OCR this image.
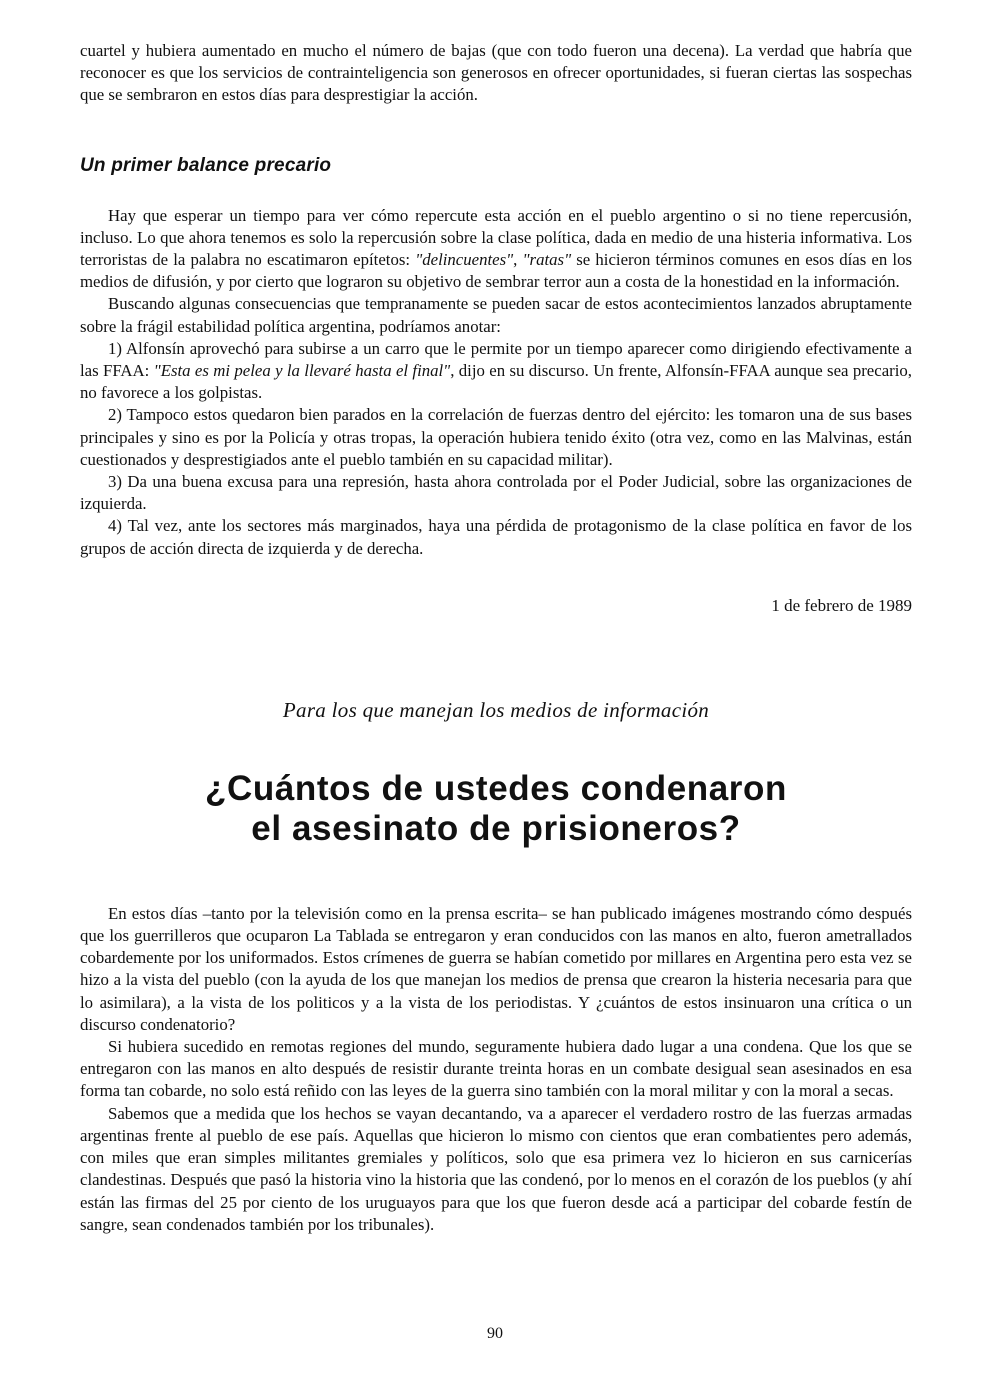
cuartel y hubiera aumentado en mucho el número de bajas (que con todo fueron una decena). La verdad que habría que reconocer es que los servicios de contrainteligencia son generosos en ofrecer oportunidades, si fueran ciertas las sospechas que se sembraron en estos días para desprestigiar la acción.

Un primer balance precario

Hay que esperar un tiempo para ver cómo repercute esta acción en el pueblo argentino o si no tiene repercusión, incluso. Lo que ahora tenemos es solo la repercusión sobre la clase política, dada en medio de una histeria informativa. Los terroristas de la palabra no escatimaron epítetos: "delincuentes", "ratas" se hicieron términos comunes en esos días en los medios de difusión, y por cierto que lograron su objetivo de sembrar terror aun a costa de la honestidad en la información.

Buscando algunas consecuencias que tempranamente se pueden sacar de estos acontecimientos lanzados abruptamente sobre la frágil estabilidad política argentina, podríamos anotar:

1) Alfonsín aprovechó para subirse a un carro que le permite por un tiempo aparecer como dirigiendo efectivamente a las FFAA: "Esta es mi pelea y la llevaré hasta el final", dijo en su discurso. Un frente, Alfonsín-FFAA aunque sea precario, no favorece a los golpistas.

2) Tampoco estos quedaron bien parados en la correlación de fuerzas dentro del ejército: les tomaron una de sus bases principales y sino es por la Policía y otras tropas, la operación hubiera tenido éxito (otra vez, como en las Malvinas, están cuestionados y desprestigiados ante el pueblo también en su capacidad militar).

3) Da una buena excusa para una represión, hasta ahora controlada por el Poder Judicial, sobre las organizaciones de izquierda.

4) Tal vez, ante los sectores más marginados, haya una pérdida de protagonismo de la clase política en favor de los grupos de acción directa de izquierda y de derecha.

1 de febrero de 1989
Para los que manejan los medios de información
¿Cuántos de ustedes condenaron
el asesinato de prisioneros?

En estos días –tanto por la televisión como en la prensa escrita– se han publicado imágenes mostrando cómo después que los guerrilleros que ocuparon La Tablada se entregaron y eran conducidos con las manos en alto, fueron ametrallados cobardemente por los uniformados. Estos crímenes de guerra se habían cometido por millares en Argentina pero esta vez se hizo a la vista del pueblo (con la ayuda de los que manejan los medios de prensa que crearon la histeria necesaria para que lo asimilara), a la vista de los politicos y a la vista de los periodistas. Y ¿cuántos de estos insinuaron una crítica o un discurso condenatorio?

Si hubiera sucedido en remotas regiones del mundo, seguramente hubiera dado lugar a una condena. Que los que se entregaron con las manos en alto después de resistir durante treinta horas en un combate desigual sean asesinados en esa forma tan cobarde, no solo está reñido con las leyes de la guerra sino también con la moral militar y con la moral a secas.

Sabemos que a medida que los hechos se vayan decantando, va a aparecer el verdadero rostro de las fuerzas armadas argentinas frente al pueblo de ese país. Aquellas que hicieron lo mismo con cientos que eran combatientes pero además, con miles que eran simples militantes gremiales y políticos, solo que esa primera vez lo hicieron en sus carnicerías clandestinas. Después que pasó la historia vino la historia que las condenó, por lo menos en el corazón de los pueblos (y ahí están las firmas del 25 por ciento de los uruguayos para que los que fueron desde acá a participar del cobarde festín de sangre, sean condenados también por los tribunales).

90
